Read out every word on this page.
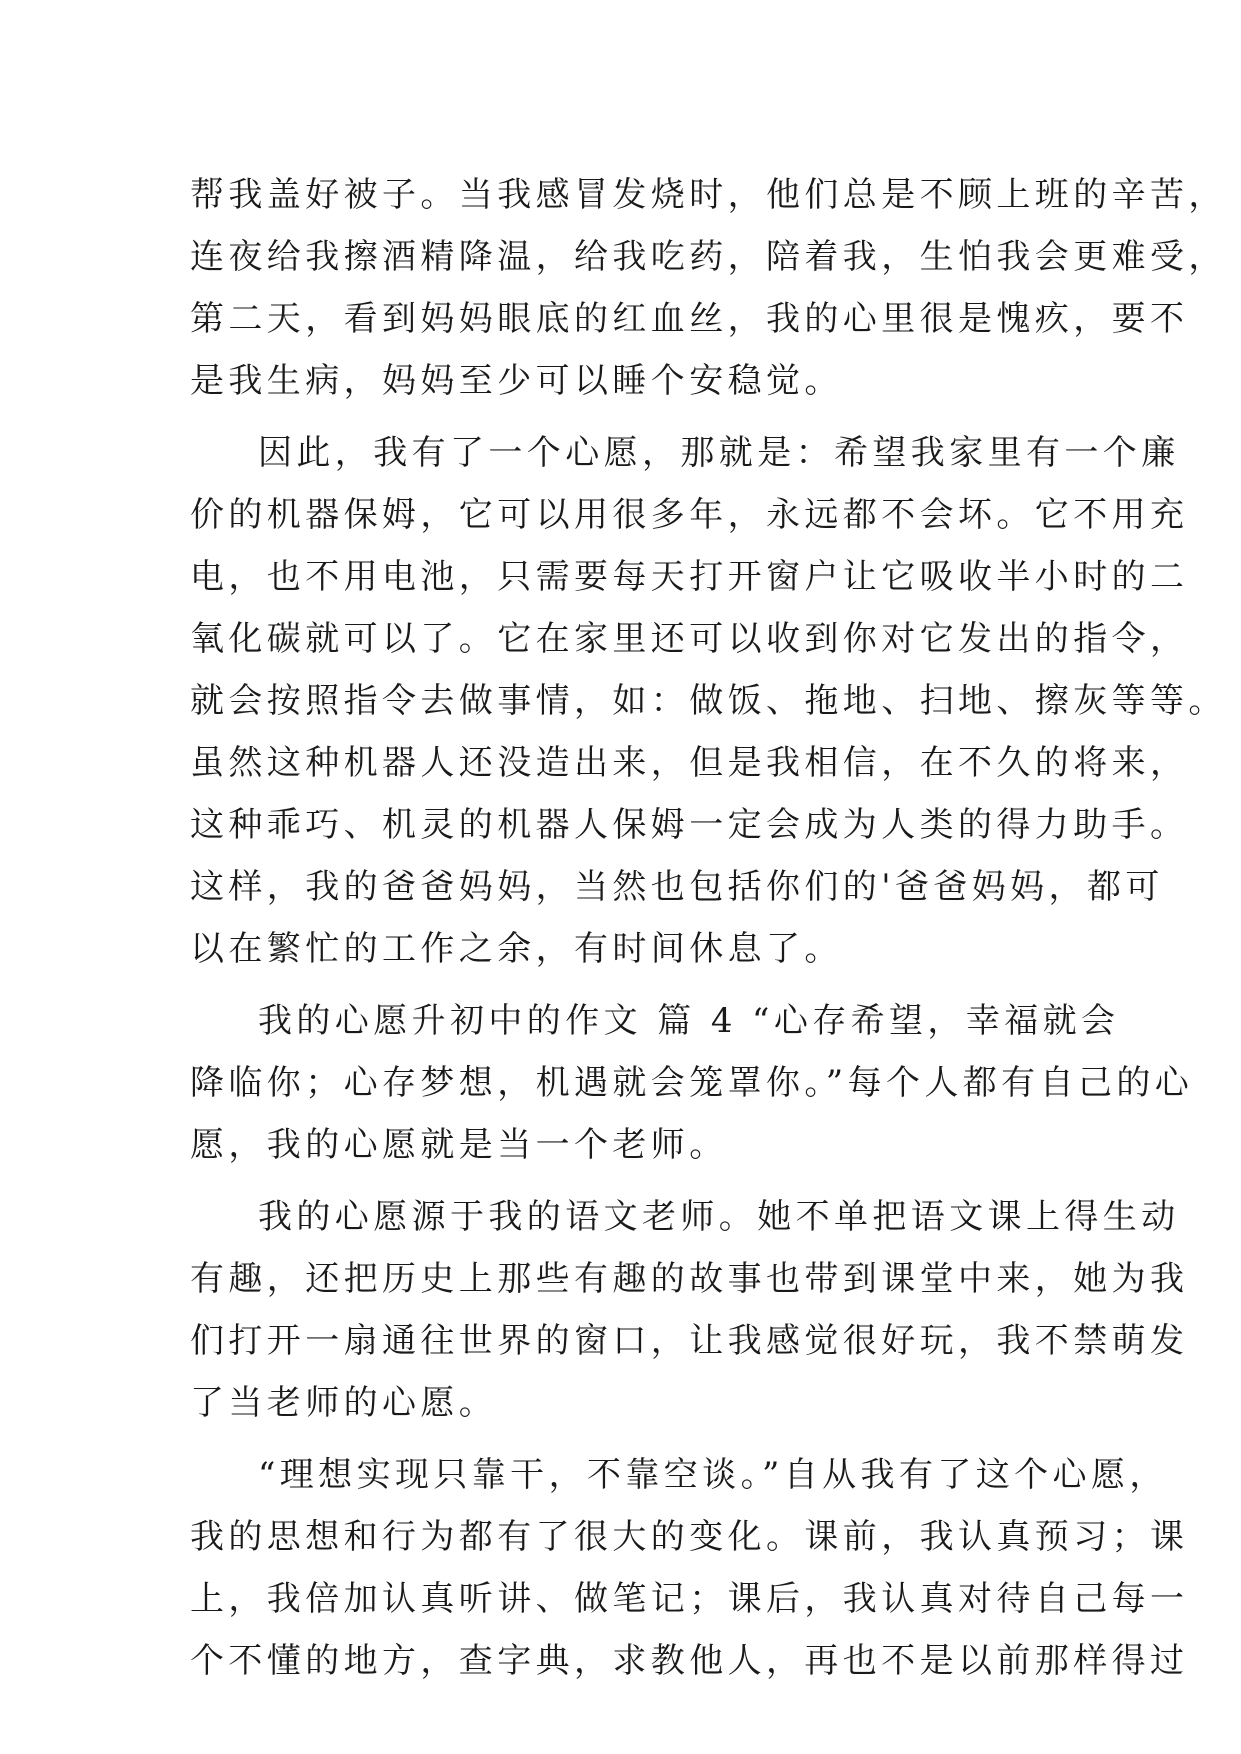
帮我盖好被子。当我感冒发烧时，他们总是不顾上班的辛苦，
连夜给我擦酒精降温，给我吃药，陪着我，生怕我会更难受，
第二天，看到妈妈眼底的红血丝，我的心里很是愧疚，要不
是我生病，妈妈至少可以睡个安稳觉。
因此，我有了一个心愿，那就是：希望我家里有一个廉
价的机器保姆，它可以用很多年，永远都不会坏。它不用充
电，也不用电池，只需要每天打开窗户让它吸收半小时的二
氧化碳就可以了。它在家里还可以收到你对它发出的指令，
就会按照指令去做事情，如：做饭、拖地、扫地、擦灰等等。
虽然这种机器人还没造出来，但是我相信，在不久的将来，
这种乖巧、机灵的机器人保姆一定会成为人类的得力助手。
这样，我的爸爸妈妈，当然也包括你们的'爸爸妈妈，都可
以在繁忙的工作之余，有时间休息了。
我的心愿升初中的作文 篇 4 “心存希望，幸福就会
降临你；心存梦想，机遇就会笼罩你。”每个人都有自己的心
愿，我的心愿就是当一个老师。
我的心愿源于我的语文老师。她不单把语文课上得生动
有趣，还把历史上那些有趣的故事也带到课堂中来，她为我
们打开一扇通往世界的窗口，让我感觉很好玩，我不禁萌发
了当老师的心愿。
“理想实现只靠干，不靠空谈。”自从我有了这个心愿，
我的思想和行为都有了很大的变化。课前，我认真预习；课
上，我倍加认真听讲、做笔记；课后，我认真对待自己每一
个不懂的地方，查字典，求教他人，再也不是以前那样得过
